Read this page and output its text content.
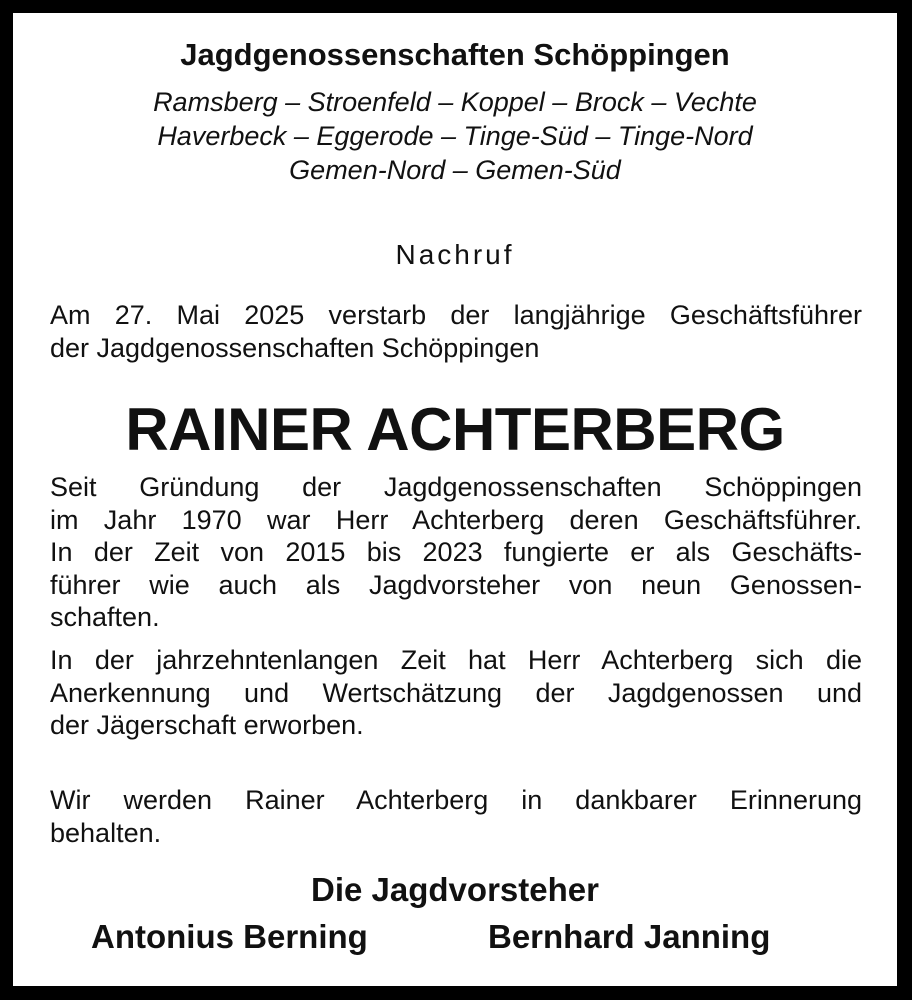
Jagdgenossenschaften Schöppingen
Ramsberg – Stroenfeld – Koppel – Brock – Vechte
Haverbeck – Eggerode – Tinge-Süd – Tinge-Nord
Gemen-Nord – Gemen-Süd
Nachruf
Am 27. Mai 2025 verstarb der langjährige Geschäftsführer
der Jagdgenossenschaften Schöppingen
RAINER ACHTERBERG
Seit Gründung der Jagdgenossenschaften Schöppingen
im Jahr 1970 war Herr Achterberg deren Geschäftsführer.
In der Zeit von 2015 bis 2023 fungierte er als Geschäfts-
führer wie auch als Jagdvorsteher von neun Genossen-
schaften.
In der jahrzehntenlangen Zeit hat Herr Achterberg sich die
Anerkennung und Wertschätzung der Jagdgenossen und
der Jägerschaft erworben.
Wir werden Rainer Achterberg in dankbarer Erinnerung
behalten.
Die Jagdvorsteher
Antonius Berning	Bernhard Janning
